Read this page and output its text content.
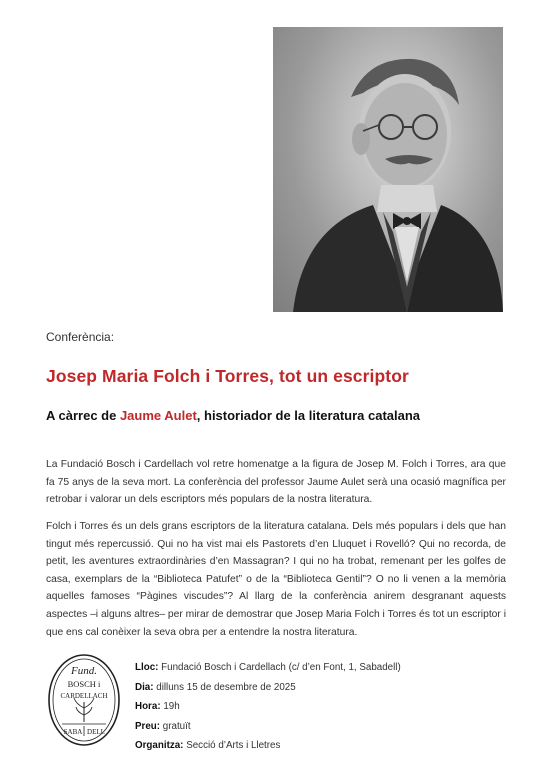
Conferència:
Josep Maria Folch i Torres, tot un escriptor
A càrrec de Jaume Aulet, historiador de la literatura catalana

La Fundació Bosch i Cardellach vol retre homenatge a la figura de Josep M. Folch i Torres, ara que fa 75 anys de la seva mort. La conferència del professor Jaume Aulet serà una ocasió magnífica per retrobar i valorar un dels escriptors més populars de la nostra literatura.

Folch i Torres és un dels grans escriptors de la literatura catalana. Dels més populars i dels que han tingut més repercussió. Qui no ha vist mai els Pastorets d’en Lluquet i Rovelló? Qui no recorda, de petit, les aventures extraordinàries d’en Massagran? I qui no ha trobat, remenant per les golfes de casa, exemplars de la “Biblioteca Patufet” o de la “Biblioteca Gentil”? O no li venen a la memòria aquelles famoses “Pàgines viscudes”? Al llarg de la conferència anirem desgranant aquests aspectes –i alguns altres– per mirar de demostrar que Josep Maria Folch i Torres és tot un escriptor i que ens cal conèixer la seva obra per a entendre la nostra literatura.

Fund.
BOSCH i
CARDELLACH
SABA DELL
Lloc: Fundació Bosch i Cardellach (c/ d’en Font, 1, Sabadell)
Dia: dilluns 15 de desembre de 2025
Hora: 19h
Preu: gratuït
Organitza: Secció d’Arts i Lletres
